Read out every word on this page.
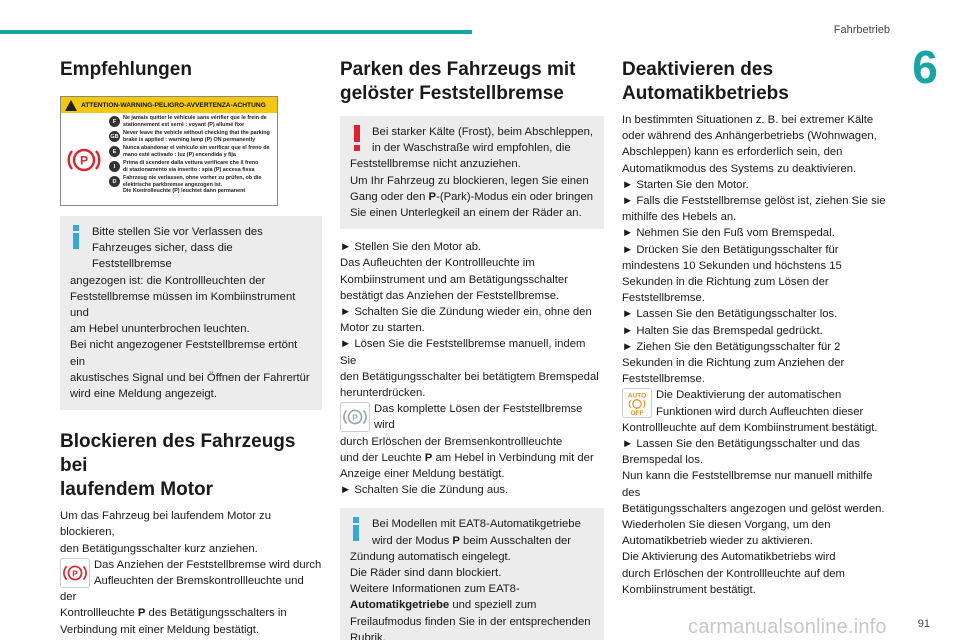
Fahrbetrieb
6
Empfehlungen
ATTENTION-WARNING-PELIGRO-AVVERTENZA-ACHTUNG
P
F
Ne jamais quitter le véhicule sans vérifier que le frein de
stationnement est serré : voyant (P) allumé fixe
GB
Never leave the vehicle without checking that the parking
brake is applied : warning lamp (P) ON permanently
E
Nunca abandonar el vehículo sin verificar que el freno de
mano esté activado : luz (P) encendida y fija
I
Prima di scendere dalla vettura verificare che il freno
di stazionamento sia inserito : spia (P) accesa fissa
D
Fahrzeug nie verlassen, ohne vorher zu prüfen, ob die
elektrische parkbremse angezogen ist.
Die Kontrolleuchte (P) leuchtet dann permanent
Bitte stellen Sie vor Verlassen des
Fahrzeuges sicher, dass die Feststellbremse
angezogen ist: die Kontrollleuchten der
Feststellbremse müssen im Kombiinstrument und
am Hebel ununterbrochen leuchten.
Bei nicht angezogener Feststellbremse ertönt ein
akustisches Signal und bei Öffnen der Fahrertür
wird eine Meldung angezeigt.
Blockieren des Fahrzeugs bei
laufendem Motor
Um das Fahrzeug bei laufendem Motor zu blockieren,
den Betätigungsschalter kurz anziehen.
P
Das Anziehen der Feststellbremse wird durch
Aufleuchten der Bremskontrollleuchte und der
Kontrollleuchte P des Betätigungsschalters in
Verbindung mit einer Meldung bestätigt.
Parken des Fahrzeugs mit
gelöster Feststellbremse
Bei starker Kälte (Frost), beim Abschleppen,
in der Waschstraße wird empfohlen, die
Feststellbremse nicht anzuziehen.
Um Ihr Fahrzeug zu blockieren, legen Sie einen
Gang oder den P-(Park)-Modus ein oder bringen
Sie einen Unterlegkeil an einem der Räder an.
► Stellen Sie den Motor ab.
Das Aufleuchten der Kontrollleuchte im
Kombiinstrument und am Betätigungsschalter
bestätigt das Anziehen der Feststellbremse.
► Schalten Sie die Zündung wieder ein, ohne den
Motor zu starten.
► Lösen Sie die Feststellbremse manuell, indem Sie
den Betätigungsschalter bei betätigtem Bremspedal
herunterdrücken.
P
Das komplette Lösen der Feststellbremse wird
durch Erlöschen der Bremsenkontrollleuchte
und der Leuchte P am Hebel in Verbindung mit der
Anzeige einer Meldung bestätigt.
► Schalten Sie die Zündung aus.
Bei Modellen mit EAT8-Automatikgetriebe
wird der Modus P beim Ausschalten der
Zündung automatisch eingelegt.
Die Räder sind dann blockiert.
Weitere Informationen zum EAT8-
Automatikgetriebe und speziell zum
Freilaufmodus finden Sie in der entsprechenden
Rubrik.
Deaktivieren des
Automatikbetriebs
In bestimmten Situationen z. B. bei extremer Kälte
oder während des Anhängerbetriebs (Wohnwagen,
Abschleppen) kann es erforderlich sein, den
Automatikmodus des Systems zu deaktivieren.
► Starten Sie den Motor.
► Falls die Feststellbremse gelöst ist, ziehen Sie sie
mithilfe des Hebels an.
► Nehmen Sie den Fuß vom Bremspedal.
► Drücken Sie den Betätigungsschalter für
mindestens 10 Sekunden und höchstens 15
Sekunden in die Richtung zum Lösen der
Feststellbremse.
► Lassen Sie den Betätigungsschalter los.
► Halten Sie das Bremspedal gedrückt.
► Ziehen Sie den Betätigungsschalter für 2
Sekunden in die Richtung zum Anziehen der
Feststellbremse.
AUTO
OFF
Die Deaktivierung der automatischen
Funktionen wird durch Aufleuchten dieser
Kontrollleuchte auf dem Kombiinstrument bestätigt.
► Lassen Sie den Betätigungsschalter und das
Bremspedal los.
Nun kann die Feststellbremse nur manuell mithilfe des
Betätigungsschalters angezogen und gelöst werden.
Wiederholen Sie diesen Vorgang, um den
Automatikbetrieb wieder zu aktivieren.
Die Aktivierung des Automatikbetriebs wird
durch Erlöschen der Kontrollleuchte auf dem
Kombiinstrument bestätigt.
carmanualsonline.info	91
